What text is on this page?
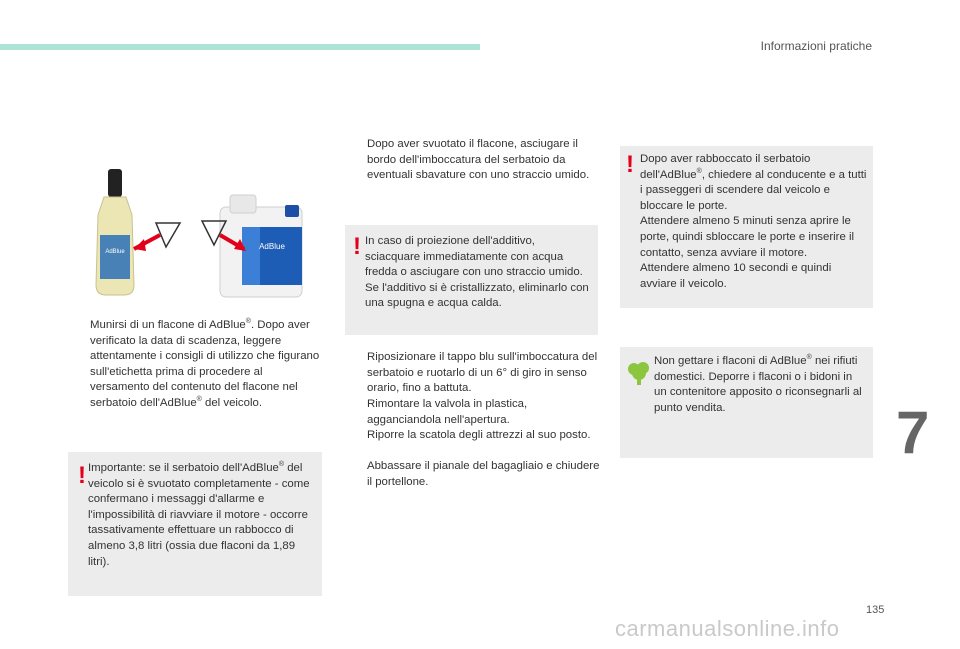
Informazioni pratiche
AdBlue
AdBlue
Munirsi di un flacone di AdBlue®. Dopo aver verificato la data di scadenza, leggere attentamente i consigli di utilizzo che figurano sull'etichetta prima di procedere al versamento del contenuto del flacone nel serbatoio dell'AdBlue® del veicolo.
! Importante: se il serbatoio dell'AdBlue® del veicolo si è svuotato completamente - come confermano i messaggi d'allarme e l'impossibilità di riavviare il motore - occorre tassativamente effettuare un rabbocco di almeno 3,8 litri (ossia due flaconi da 1,89 litri).
Dopo aver svuotato il flacone, asciugare il bordo dell'imboccatura del serbatoio da eventuali sbavature con uno straccio umido.
! In caso di proiezione dell'additivo, sciacquare immediatamente con acqua fredda o asciugare con uno straccio umido.
Se l'additivo si è cristallizzato, eliminarlo con una spugna e acqua calda.
Riposizionare il tappo blu sull'imboccatura del serbatoio e ruotarlo di un 6° di giro in senso orario, fino a battuta.
Rimontare la valvola in plastica, agganciandola nell'apertura.
Riporre la scatola degli attrezzi al suo posto.
Abbassare il pianale del bagagliaio e chiudere il portellone.
! Dopo aver rabboccato il serbatoio dell'AdBlue®, chiedere al conducente e a tutti i passeggeri di scendere dal veicolo e bloccare le porte.
Attendere almeno 5 minuti senza aprire le porte, quindi sbloccare le porte e inserire il contatto, senza avviare il motore.
Attendere almeno 10 secondi e quindi avviare il veicolo.
Non gettare i flaconi di AdBlue® nei rifiuti domestici. Deporre i flaconi o i bidoni in un contenitore apposito o riconsegnarli al punto vendita.	7
135
carmanualsonline.info
